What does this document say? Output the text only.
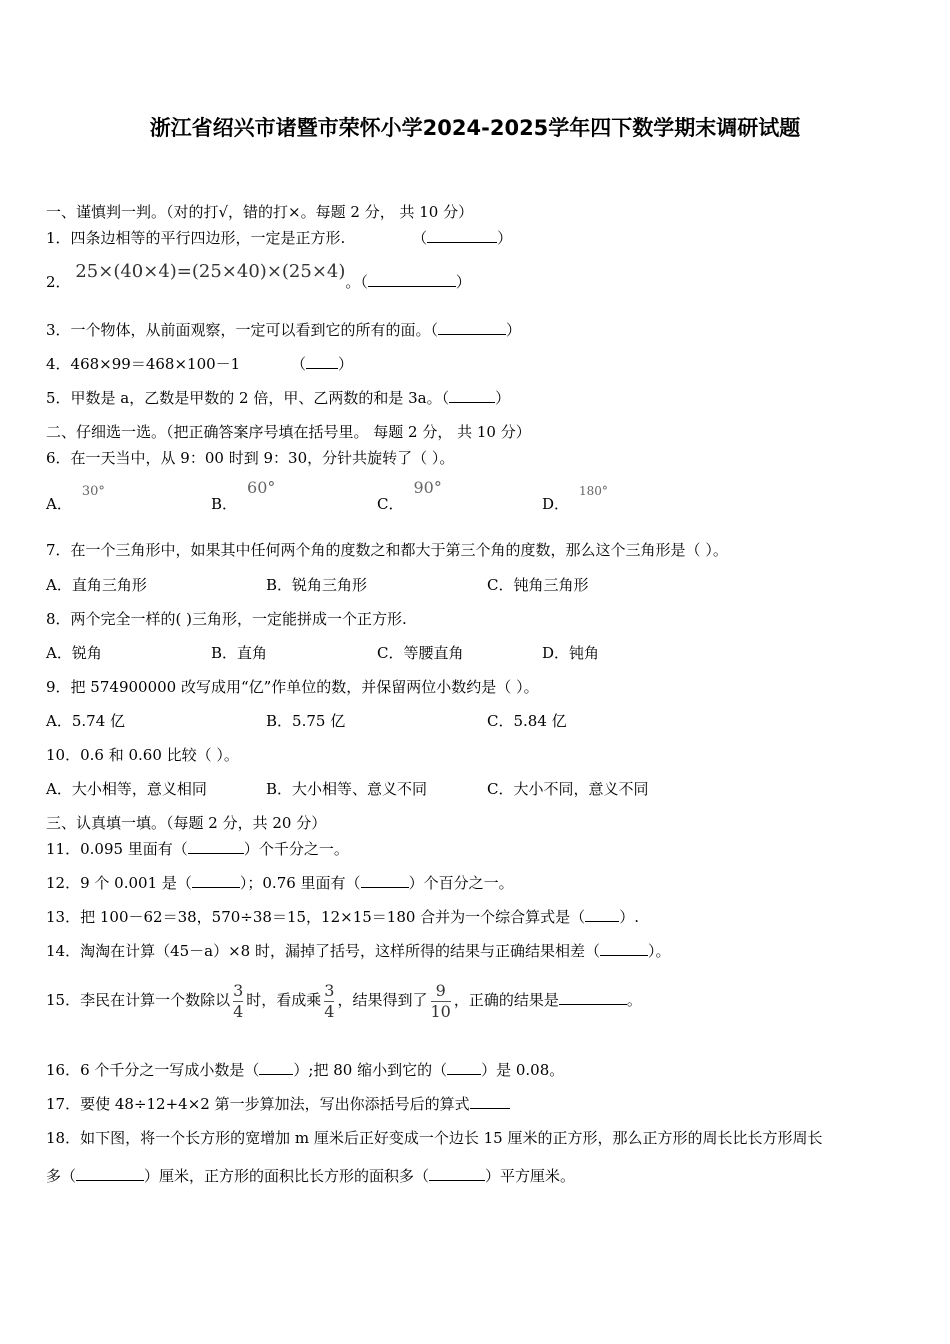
浙江省绍兴市诸暨市荣怀小学2024-2025学年四下数学期末调研试题
一、谨慎判一判。（对的打√，错的打×。每题 2 分， 共 10 分）
1．四条边相等的平行四边形，一定是正方形.	（	）
2． 25×(40×4)=(25×40)×(25×4)。（	）
3．一个物体，从前面观察，一定可以看到它的所有的面。（	）
4．468×99＝468×100－1	（ ）
5．甲数是 a，乙数是甲数的 2 倍，甲、乙两数的和是 3a。（	）
二、仔细选一选。（把正确答案序号填在括号里。 每题 2 分， 共 10 分）
6．在一天当中，从 9：00 时到 9：30，分针共旋转了（ ）。
A．30°
B．60°
C．90°
D．$^{180^\circ}$
7．在一个三角形中，如果其中任何两个角的度数之和都大于第三个角的度数，那么这个三角形是（ ）。
A．直角三角形	B．锐角三角形	C．钝角三角形
8．两个完全一样的( )三角形，一定能拼成一个正方形.
A．锐角	B．直角	C．等腰直角	D．钝角
9．把 574900000 改写成用“亿”作单位的数，并保留两位小数约是（ ）。
A．5.74 亿	B．5.75 亿	C．5.84 亿
10．0.6 和 0.60 比较（ ）。
A．大小相等，意义相同	B．大小相等、意义不同	C．大小不同，意义不同
三、认真填一填。（每题 2 分，共 20 分）
11．0.095 里面有（	）个千分之一。
12．9 个 0.001 是（	）；0.76 里面有（	）个百分之一。
13．把 100－62＝38，570÷38＝15，12×15＝180 合并为一个综合算式是（ ）.
14．淘淘在计算（45－a）×8 时，漏掉了括号，这样所得的结果与正确结果相差（	）。
15．李民在计算一个数除以 $\frac{3}{4}$ 时，看成乘 $\frac{3}{4}$ ，结果得到了 $\frac{9}{10}$ ，正确的结果是	。
16．6 个千分之一写成小数是（ ）;把 80 缩小到它的（ ）是 0.08。
17．要使 48÷12+4×2 第一步算加法，写出你添括号后的算式
18．如下图，将一个长方形的宽增加 m 厘米后正好变成一个边长 15 厘米的正方形，那么正方形的周长比长方形周长
多（	）厘米，正方形的面积比长方形的面积多（	）平方厘米。
